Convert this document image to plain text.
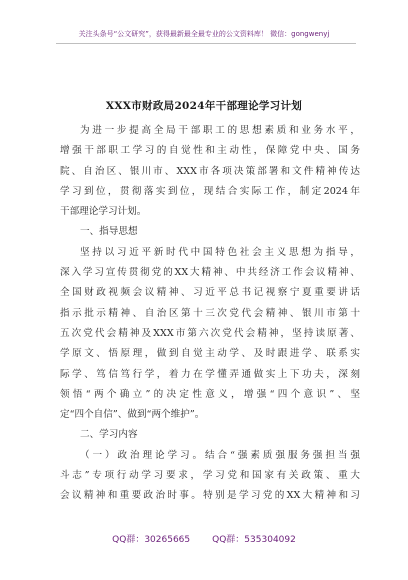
关注头条号“公文研究”，获得最新最全最专业的公文资料库！ 微信：gongwenyj
XXX市财政局2024年干部理论学习计划
为进一步提高全局干部职工的思想素质和业务水平，
增强干部职工学习的自觉性和主动性，保障党中央、国务
院、自治区、银川市、XXX市各项决策部署和文件精神传达
学习到位，贯彻落实到位，现结合实际工作，制定2024年
干部理论学习计划。
一、指导思想
坚持以习近平新时代中国特色社会主义思想为指导，
深入学习宣传贯彻党的XX大精神、中共经济工作会议精神、
全国财政视频会议精神、习近平总书记视察宁夏重要讲话
指示批示精神、自治区第十三次党代会精神、银川市第十
五次党代会精神及XXX市第六次党代会精神，坚持读原著、
学原文、悟原理，做到自觉主动学、及时跟进学、联系实
际学、笃信笃行学，着力在学懂弄通做实上下功夫，深刻
领悟“两个确立”的决定性意义，增强“四个意识”、坚
定“四个自信”、做到“两个维护”。
二、学习内容
（一）政治理论学习。结合“强素质强服务强担当强
斗志”专项行动学习要求，学习党和国家有关政策、重大
会议精神和重要政治时事。特别是学习党的XX大精神和习
QQ群：30265665 QQ群：535304092
